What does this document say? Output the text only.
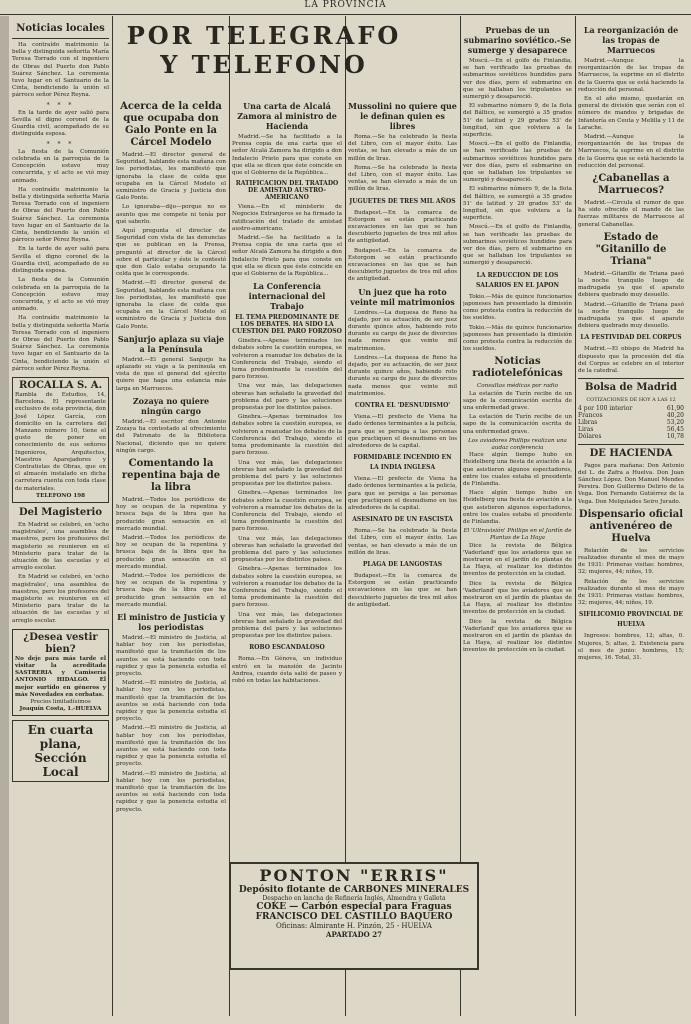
LA PROVINCIA
POR TELEGRAFO
Y TELEFONO
Noticias locales

Ha contraído matrimonio la bella y distinguida señorita María Teresa Torrado con el ingeniero de Obras del Puerto don Pablo Suárez Sánchez. La ceremonia tuvo lugar en el Santuario de la Cinta, bendiciendo la unión el párroco señor Pérez Reyna.

* * *

En la tarde de ayer salió para Sevilla el digno coronel de la Guardia civil, acompañado de su distinguida esposa.

* * *

La fiesta de la Comunión celebrada en la parroquia de la Concepción estuvo muy concurrida, y el acto se vió muy animado.

Ha contraído matrimonio la bella y distinguida señorita María Teresa Torrado con el ingeniero de Obras del Puerto don Pablo Suárez Sánchez. La ceremonia tuvo lugar en el Santuario de la Cinta, bendiciendo la unión el párroco señor Pérez Reyna.

En la tarde de ayer salió para Sevilla el digno coronel de la Guardia civil, acompañado de su distinguida esposa.

La fiesta de la Comunión celebrada en la parroquia de la Concepción estuvo muy concurrida, y el acto se vió muy animado.

Ha contraído matrimonio la bella y distinguida señorita María Teresa Torrado con el ingeniero de Obras del Puerto don Pablo Suárez Sánchez. La ceremonia tuvo lugar en el Santuario de la Cinta, bendiciendo la unión el párroco señor Pérez Reyna.

ROCALLA S. A.
Rambla de Estudios, 14, Barcelona. El representante exclusivo de esta provincia, don José López García, con domicilio en la carretera del Manzano número 10, tiene el gusto de poner en conocimiento de sus señores Ingenieros, Arquitectos, Maestros Aparejadores y Contratistas de Obras, que en el almacén instalado en dicha carretera cuenta con toda clase de materiales.
TELEFONO 198
Del Magisterio

En Madrid se celebró, en 'ocho magistrales', una asamblea de maestros, pero los profesores del magisterio se reunieron en el Ministerio para tratar de la situación de las escuelas y el arreglo escolar.

En Madrid se celebró, en 'ocho magistrales', una asamblea de maestros, pero los profesores del magisterio se reunieron en el Ministerio para tratar de la situación de las escuelas y el arreglo escolar.

¿Desea vestir bien?
No deje para más tarde el visitar la acreditada SASTRERIA y Camisería ANTONIO HIDALGO. El mejor surtido en géneros y más Novedades en corbatas.
Precios limitadísimos
Joaquín Costa, 1.-HUELVA
En cuarta plana, Sección Local
Acerca de la celda que ocupaba don Galo Ponte en la Cárcel Modelo

Madrid.—El director general de Seguridad, hablando esta mañana con los periodistas, les manifestó que ignoraba la clase de celda que ocupaba en la Cárcel Modelo el exministro de Gracia y Justicia don Galo Ponte.

Lo ignoraba—dijo—porque no es asunto que me compete ni tenía por qué saberlo.

Aquí pregunta el director de Seguridad con vista de las denuncias que se publican en la Prensa, preguntó al director de la Cárcel sobre el particular y éste le contestó que don Galo estaba ocupando la celda que le corresponde.

Madrid.—El director general de Seguridad, hablando esta mañana con los periodistas, les manifestó que ignoraba la clase de celda que ocupaba en la Cárcel Modelo el exministro de Gracia y Justicia don Galo Ponte.

Sanjurjo aplaza su viaje a la Península

Madrid.—El general Sanjurjo ha aplazado su viaje a la península en vista de que el general del ejército quiere que haga una estancia más larga en Marruecos.

Zozaya no quiere ningún cargo

Madrid.—El escritor don Antonio Zozaya ha contestado al ofrecimiento del Patronato de la Biblioteca Nacional, diciendo que no quiere ningún cargo.

Comentando la repentina baja de la libra

Madrid.—Todos los periódicos de hoy se ocupan de la repentina y brusca baja de la libra que ha producido gran sensación en el mercado mundial.

Madrid.—Todos los periódicos de hoy se ocupan de la repentina y brusca baja de la libra que ha producido gran sensación en el mercado mundial.

Madrid.—Todos los periódicos de hoy se ocupan de la repentina y brusca baja de la libra que ha producido gran sensación en el mercado mundial.

El ministro de Justicia y los periodistas

Madrid.—El ministro de Justicia, al hablar hoy con los periodistas, manifestó que la tramitación de los asuntos se está haciendo con toda rapidez y que la ponencia estudia el proyecto.

Madrid.—El ministro de Justicia, al hablar hoy con los periodistas, manifestó que la tramitación de los asuntos se está haciendo con toda rapidez y que la ponencia estudia el proyecto.

Madrid.—El ministro de Justicia, al hablar hoy con los periodistas, manifestó que la tramitación de los asuntos se está haciendo con toda rapidez y que la ponencia estudia el proyecto.

Madrid.—El ministro de Justicia, al hablar hoy con los periodistas, manifestó que la tramitación de los asuntos se está haciendo con toda rapidez y que la ponencia estudia el proyecto.

Una carta de Alcalá Zamora al ministro de Hacienda

Madrid.—Se ha facilitado a la Prensa copia de una carta que el señor Alcalá Zamora ha dirigido a don Indalecio Prieto para que conste en que ella se dicen que éste coincide en que el Gobierno de la República...

RATIFICACION DEL TRATADO DE AMISTAD AUSTRO-AMERICANO

Viena.—En el ministerio de Negocios Extranjeros se ha firmado la ratificación del tratado de amistad austro-americano.

Madrid.—Se ha facilitado a la Prensa copia de una carta que el señor Alcalá Zamora ha dirigido a don Indalecio Prieto para que conste en que ella se dicen que éste coincide en que el Gobierno de la República...

La Conferencia internacional del Trabajo
EL TEMA PREDOMINANTE DE LOS DEBATES. HA SIDO LA CUESTION DEL PARO FORZOSO

Ginebra.—Apenas terminados los debates sobre la cuestión europea, se volvieron a reanudar los debates de la Conferencia del Trabajo, siendo el tema predominante la cuestión del paro forzoso.

Una vez más, las delegaciones obreras han señalado la gravedad del problema del paro y las soluciones propuestas por los distintos países.

Ginebra.—Apenas terminados los debates sobre la cuestión europea, se volvieron a reanudar los debates de la Conferencia del Trabajo, siendo el tema predominante la cuestión del paro forzoso.

Una vez más, las delegaciones obreras han señalado la gravedad del problema del paro y las soluciones propuestas por los distintos países.

Ginebra.—Apenas terminados los debates sobre la cuestión europea, se volvieron a reanudar los debates de la Conferencia del Trabajo, siendo el tema predominante la cuestión del paro forzoso.

Una vez más, las delegaciones obreras han señalado la gravedad del problema del paro y las soluciones propuestas por los distintos países.

Ginebra.—Apenas terminados los debates sobre la cuestión europea, se volvieron a reanudar los debates de la Conferencia del Trabajo, siendo el tema predominante la cuestión del paro forzoso.

Una vez más, las delegaciones obreras han señalado la gravedad del problema del paro y las soluciones propuestas por los distintos países.

ROBO ESCANDALOSO

Roma.—En Génova, un individuo entró en la mansión de Jacinto Andrea, cuando ésta salió de paseo y robó en todas las habitaciones.

Mussolini no quiere que le definan quien es libres

Roma.—Se ha celebrado la fiesta del Libro, con el mayor éxito. Las ventas, se han elevado a más de un millón de liras.

Roma.—Se ha celebrado la fiesta del Libro, con el mayor éxito. Las ventas, se han elevado a más de un millón de liras.

JUGUETES DE TRES MIL AÑOS

Budapest.—En la comarca de Estorgom se están practicando excavaciones en las que se han descubierto juguetes de tres mil años de antigüedad.

Budapest.—En la comarca de Estorgom se están practicando excavaciones en las que se han descubierto juguetes de tres mil años de antigüedad.

Un juez que ha roto veinte mil matrimonios

Londres.—La duquesa de Reno ha dejado, por su actuación, de ser juez durante quince años, habiendo roto durante su cargo de juez de divorcios nada menos que veinte mil matrimonios.

Londres.—La duquesa de Reno ha dejado, por su actuación, de ser juez durante quince años, habiendo roto durante su cargo de juez de divorcios nada menos que veinte mil matrimonios.

CONTRA EL 'DESNUDISMO'

Viena.—El prefecto de Viena ha dado órdenes terminantes a la policía, para que se persiga a las personas que practiquen el desnudismo en los alrededores de la capital.

FORMIDABLE INCENDIO EN LA INDIA INGLESA

Viena.—El prefecto de Viena ha dado órdenes terminantes a la policía, para que se persiga a las personas que practiquen el desnudismo en los alrededores de la capital.

ASESINATO DE UN FASCISTA

Roma.—Se ha celebrado la fiesta del Libro, con el mayor éxito. Las ventas, se han elevado a más de un millón de liras.

PLAGA DE LANGOSTAS

Budapest.—En la comarca de Estorgom se están practicando excavaciones en las que se han descubierto juguetes de tres mil años de antigüedad.

Pruebas de un submarino soviético.-Se sumerge y desaparece

Moscú.—En el golfo de Finlandia, se han verificado las pruebas de submarinos soviéticos hundidos para ver dos días, pero el submarino en que se hallaban los tripulantes se sumergió y desapareció.

El submarino número 9, de la flota del Báltico, se sumergió a 35 grados 51' de latitud y 29 grados 53' de longitud, sin que volviera a la superficie.

Moscú.—En el golfo de Finlandia, se han verificado las pruebas de submarinos soviéticos hundidos para ver dos días, pero el submarino en que se hallaban los tripulantes se sumergió y desapareció.

El submarino número 9, de la flota del Báltico, se sumergió a 35 grados 51' de latitud y 29 grados 53' de longitud, sin que volviera a la superficie.

Moscú.—En el golfo de Finlandia, se han verificado las pruebas de submarinos soviéticos hundidos para ver dos días, pero el submarino en que se hallaban los tripulantes se sumergió y desapareció.

LA REDUCCION DE LOS SALARIOS EN EL JAPON

Tokio.—Más de quince funcionarios japoneses han presentado la dimisión como protesta contra la reducción de los sueldos.

Tokio.—Más de quince funcionarios japoneses han presentado la dimisión como protesta contra la reducción de los sueldos.

Noticias radiotelefónicas
Consultas médicas por radio

La estación de Turín recibe de un sapo de la comunicación escrita de una enfermedad grave.

La estación de Turín recibe de un sapo de la comunicación escrita de una enfermedad grave.

Los aviadores Phillips realizan una audaz conferencia

Hace algún tiempo hubo en Heidelberg una fiesta de aviación a la que asistieron algunos espectadores, entre los cuales estaba el presidente de Finlandia.

Hace algún tiempo hubo en Heidelberg una fiesta de aviación a la que asistieron algunos espectadores, entre los cuales estaba el presidente de Finlandia.

El 'Ultravisión' Phillips en el Jardín de Plantas de La Haya

Dice la revista de Bélgica 'Vaderland' que los aviadores que se mostraron en el jardín de plantas de La Haya, al realizar los distintos inventos de protección en la ciudad.

Dice la revista de Bélgica 'Vaderland' que los aviadores que se mostraron en el jardín de plantas de La Haya, al realizar los distintos inventos de protección en la ciudad.

Dice la revista de Bélgica 'Vaderland' que los aviadores que se mostraron en el jardín de plantas de La Haya, al realizar los distintos inventos de protección en la ciudad.

La reorganización de las tropas de Marruecos

Madrid.—Aunque la reorganización de las tropas de Marruecos, la suprime en el distrito de la Guerra que se está haciendo la reducción del personal.

En el año mismo, quedarán en general de división que serán con el número de mandos y brigadas de Infantería en Ceuta y Melilla y 11 de Larache.

Madrid.—Aunque la reorganización de las tropas de Marruecos, la suprime en el distrito de la Guerra que se está haciendo la reducción del personal.

¿Cabanellas a Marruecos?

Madrid.—Circula el rumor de que ha sido ofrecido el mando de las fuerzas militares de Marruecos al general Cabanellas.

Estado de "Gitanillo de Triana"

Madrid.—Gitanillo de Triana pasó la noche tranquilo luego de madrugada ya que el aparato debiera quebrado muy desuello.

Madrid.—Gitanillo de Triana pasó la noche tranquilo luego de madrugada ya que el aparato debiera quebrado muy desuello.

LA FESTIVIDAD DEL CORPUS

Madrid.—El obispo de Madrid ha dispuesto que la procesión del día del Corpus se celebre en el interior de la catedral.

Bolsa de Madrid
COTIZACIONES DE HOY A LAS 12
4 por 100 interior	61,90
Francos	40,20
Libras	53,20
Liras	56,45
Dólares	10,78
DE HACIENDA

Pagos para mañana: Don Antonio del L. de Zafra a Huelva. Don Juan Sánchez López. Don Manuel Mendes Pereira. Don Guillermo Delirio de la Vega. Don Fernando Gutiérrez de la Vega. Don Melquiades Seiro Jurado.

Dispensario oficial antivenéreo de Huelva

Relación de los servicios realizados durante el mes de mayo de 1931: Primeras visitas: hombres, 32; mujeres, 44; niños, 19.

Relación de los servicios realizados durante el mes de mayo de 1931: Primeras visitas: hombres, 32; mujeres, 44; niños, 19.

SIFILICOMIO PROVINCIAL DE HUELVA

Ingresos: hombres, 12; altas, 0. Mujeres, 5; altas, 2. Existencia para el mes de junio: hombres, 15; mujeres, 16. Total, 31.

PONTON "ERRIS"
Depósito flotante de CARBONES MINERALES
Despacho en lancha de Refinería Inglés, Almendra y Galleta
COKE — Carbón especial para Fraguas
FRANCISCO DEL CASTILLO BAQUERO
Oficinas: Almirante H. Pinzón, 25 - HUELVA
APARTADO 27
